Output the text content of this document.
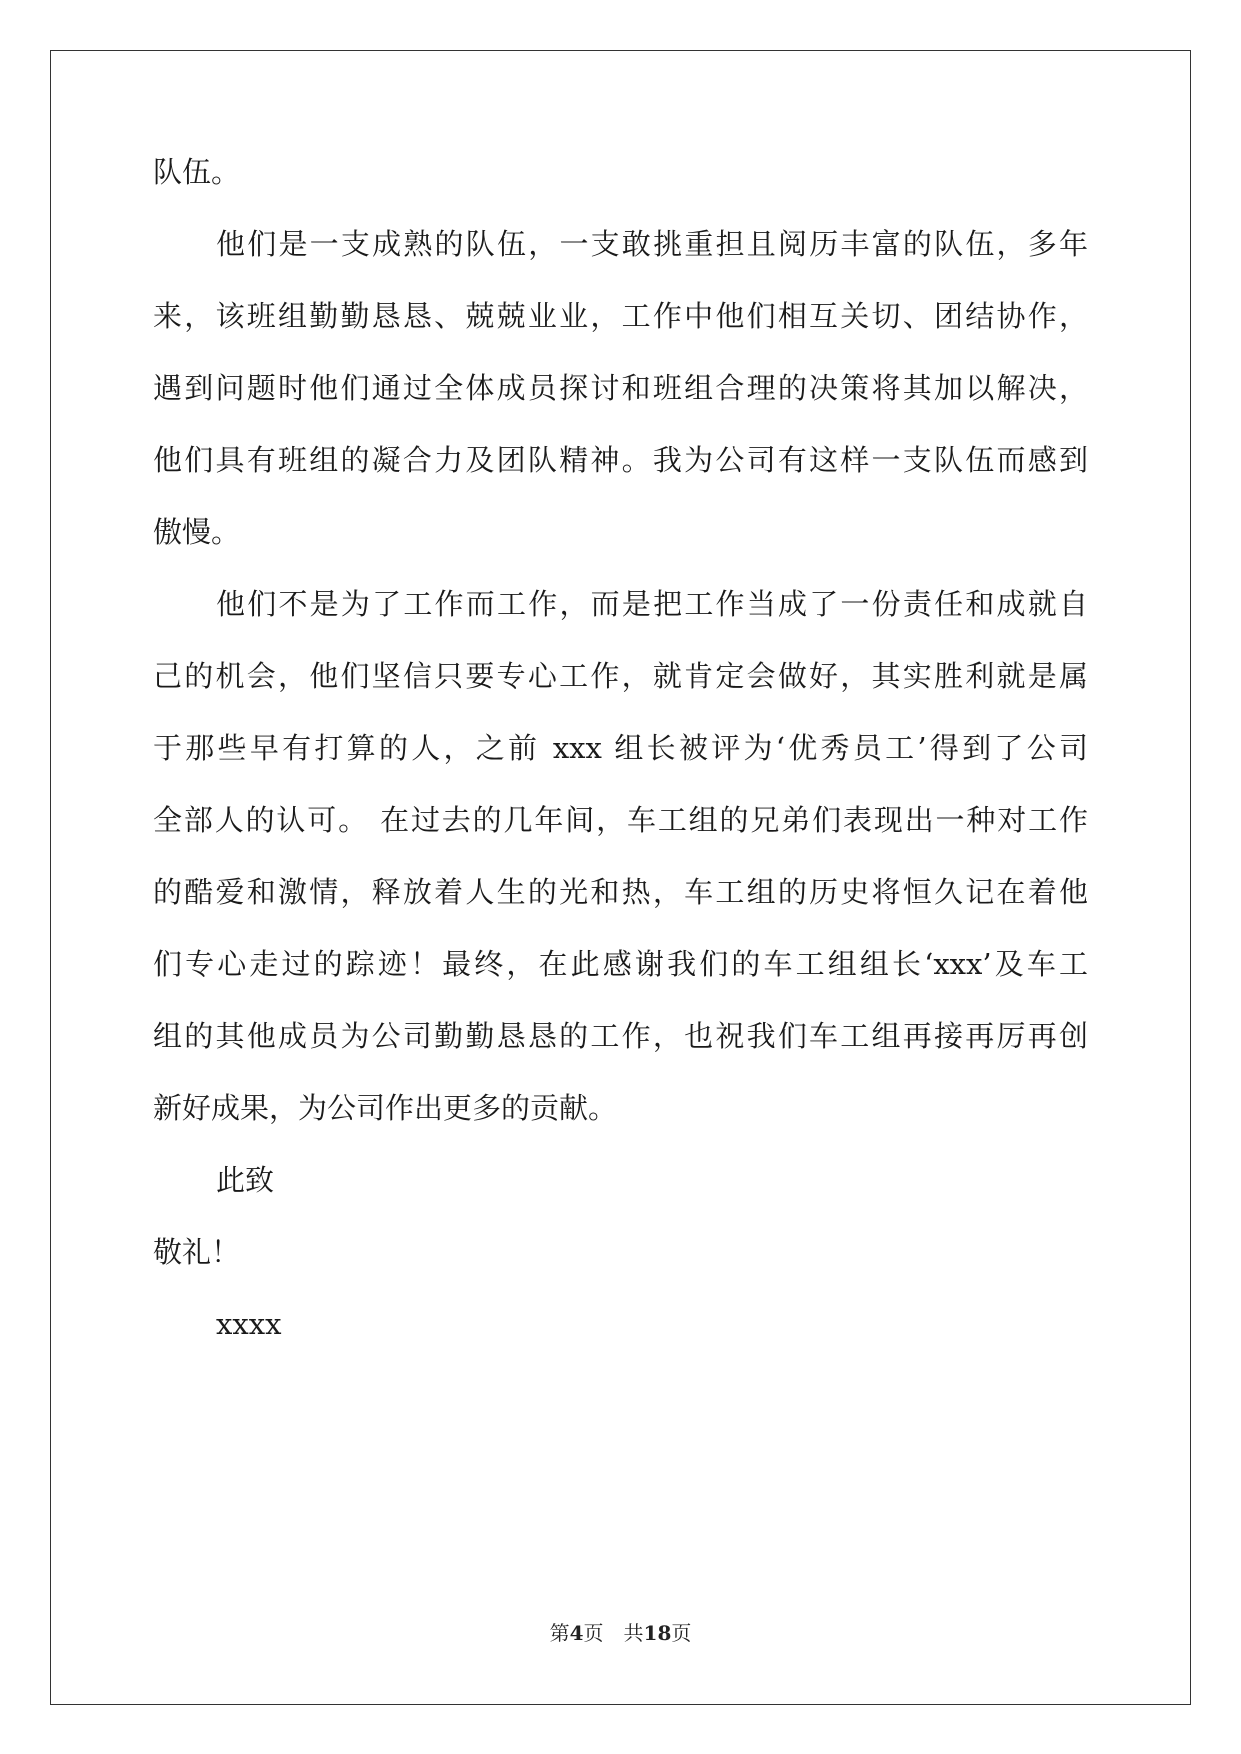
队伍。
他们是一支成熟的队伍，一支敢挑重担且阅历丰富的队伍，多年
来，该班组勤勤恳恳、兢兢业业，工作中他们相互关切、团结协作，
遇到问题时他们通过全体成员探讨和班组合理的决策将其加以解决，
他们具有班组的凝合力及团队精神。我为公司有这样一支队伍而感到
傲慢。
他们不是为了工作而工作，而是把工作当成了一份责任和成就自
己的机会，他们坚信只要专心工作，就肯定会做好，其实胜利就是属
于那些早有打算的人，之前 xxx 组长被评为‘优秀员工’得到了公司
全部人的认可。 在过去的几年间，车工组的兄弟们表现出一种对工作
的酷爱和激情，释放着人生的光和热，车工组的历史将恒久记在着他
们专心走过的踪迹！最终，在此感谢我们的车工组组长‘xxx’及车工
组的其他成员为公司勤勤恳恳的工作，也祝我们车工组再接再厉再创
新好成果，为公司作出更多的贡献。
此致
敬礼！
xxxx
第4页 共18页
